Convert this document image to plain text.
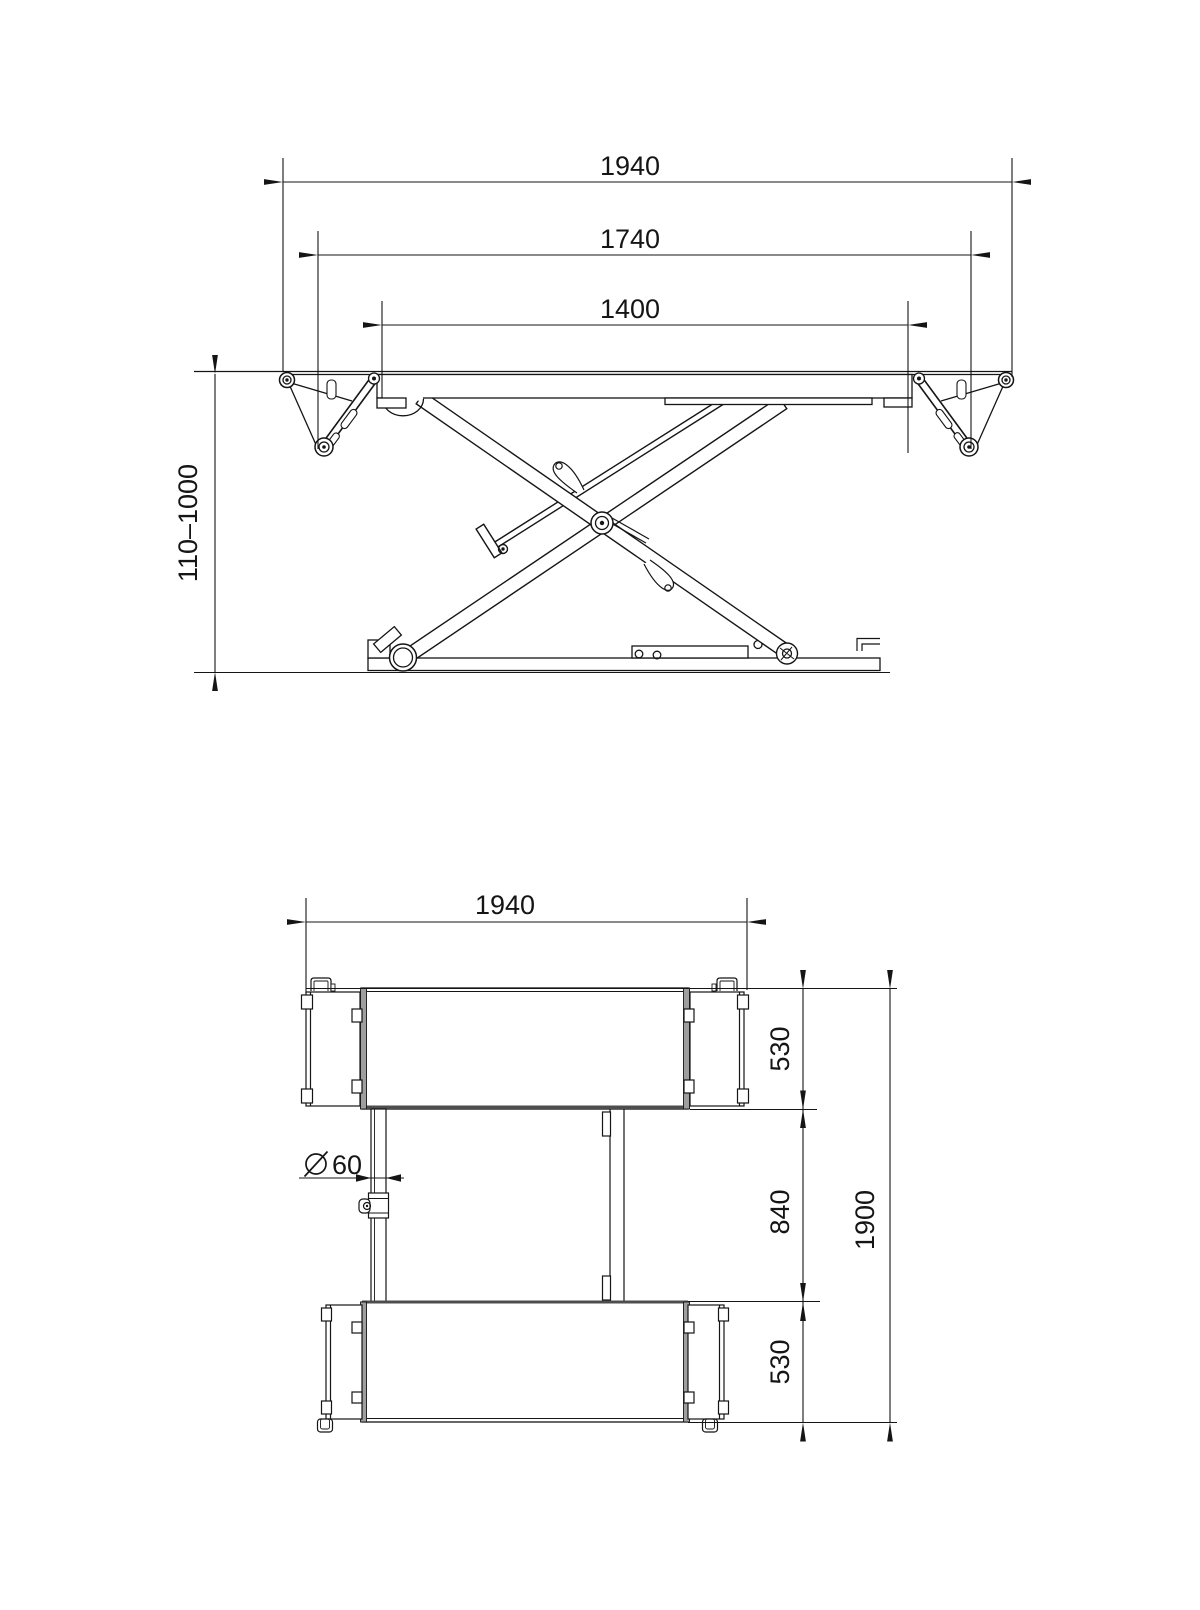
1940
1740
1400
110–1000
1940
60
530
840
530
1900
